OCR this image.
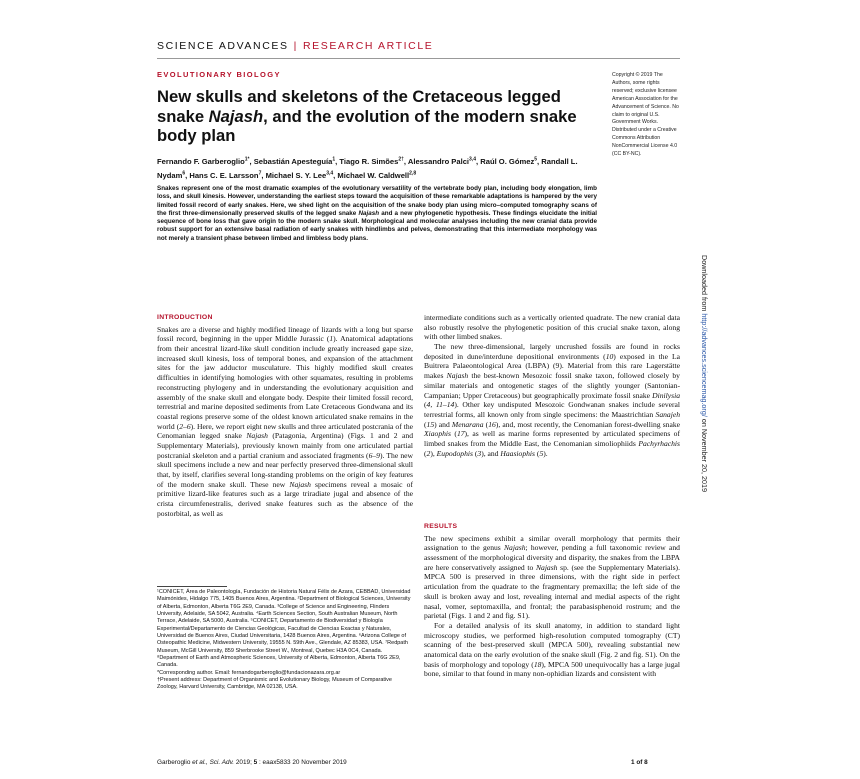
SCIENCE ADVANCES | RESEARCH ARTICLE
EVOLUTIONARY BIOLOGY
New skulls and skeletons of the Cretaceous legged snake Najash, and the evolution of the modern snake body plan
Fernando F. Garberoglio$^{1*}$, Sebastián Apesteguía$^1$, Tiago R. Simões$^{2\dagger}$, Alessandro Palci$^{3,4}$, Raúl O. Gómez$^5$, Randall L. Nydam$^6$, Hans C. E. Larsson$^7$, Michael S. Y. Lee$^{3,4}$, Michael W. Caldwell$^{2,8}$
Copyright © 2019 The Authors, some rights reserved; exclusive licensee American Association for the Advancement of Science. No claim to original U.S. Government Works. Distributed under a Creative Commons Attribution NonCommercial License 4.0 (CC BY-NC).
Snakes represent one of the most dramatic examples of the evolutionary versatility of the vertebrate body plan, including body elongation, limb loss, and skull kinesis. However, understanding the earliest steps toward the acquisition of these remarkable adaptations is hampered by the very limited fossil record of early snakes. Here, we shed light on the acquisition of the snake body plan using micro–computed tomography scans of the first three-dimensionally preserved skulls of the legged snake Najash and a new phylogenetic hypothesis. These findings elucidate the initial sequence of bone loss that gave origin to the modern snake skull. Morphological and molecular analyses including the new cranial data provide robust support for an extensive basal radiation of early snakes with hindlimbs and pelves, demonstrating that this intermediate morphology was not merely a transient phase between limbed and limbless body plans.
INTRODUCTION

Snakes are a diverse and highly modified lineage of lizards with a long but sparse fossil record, beginning in the upper Middle Jurassic (1). Anatomical adaptations from their ancestral lizard-like skull condition include greatly increased gape size, increased skull kinesis, loss of temporal bones, and expansion of the attachment sites for the jaw adductor musculature. This highly modified skull creates difficulties in identifying homologies with other squamates, resulting in problems reconstructing phylogeny and in understanding the evolutionary acquisition and assembly of the snake skull and elongate body. Despite their limited fossil record, terrestrial and marine deposited sediments from Late Cretaceous Gondwana and its coastal regions preserve some of the oldest known articulated snake remains in the world (2–6). Here, we report eight new skulls and three articulated postcrania of the Cenomanian legged snake Najash (Patagonia, Argentina) (Figs. 1 and 2 and Supplementary Materials), previously known mainly from one articulated partial postcranial skeleton and a partial cranium and associated fragments (6–9). The new skull specimens include a new and near perfectly preserved three-dimensional skull that, by itself, clarifies several long-standing problems on the origin of key features of the modern snake skull. These new Najash specimens reveal a mosaic of primitive lizard-like features such as a large triradiate jugal and absence of the crista circumfenestralis, derived snake features such as the absence of the postorbital, as well as

intermediate conditions such as a vertically oriented quadrate. The new cranial data also robustly resolve the phylogenetic position of this crucial snake taxon, along with other limbed snakes.

The new three-dimensional, largely uncrushed fossils are found in rocks deposited in dune/interdune depositional environments (10) exposed in the La Buitrera Palaeontological Area (LBPA) (9). Material from this rare Lagerstätte makes Najash the best-known Mesozoic fossil snake taxon, followed closely by similar materials and ontogenetic stages of the slightly younger (Santonian-Campanian; Upper Cretaceous) but geographically proximate fossil snake Dinilysia (4, 11–14). Other key undisputed Mesozoic Gondwanan snakes include several terrestrial forms, all known only from single specimens: the Maastrichtian Sanajeh (15) and Menarana (16), and, most recently, the Cenomanian forest-dwelling snake Xiaophis (17), as well as marine forms represented by articulated specimens of limbed snakes from the Middle East, the Cenomanian simoliophiids Pachyrhachis (2), Eupodophis (3), and Haasiophis (5).

RESULTS

The new specimens exhibit a similar overall morphology that permits their assignation to the genus Najash; however, pending a full taxonomic review and assessment of the morphological diversity and disparity, the snakes from the LBPA are here conservatively assigned to Najash sp. (see the Supplementary Materials). MPCA 500 is preserved in three dimensions, with the right side in perfect articulation from the quadrate to the fragmentary premaxilla; the left side of the skull is broken away and lost, revealing internal and medial aspects of the right nasal, vomer, septomaxilla, and frontal; the parabasisphenoid rostrum; and the parietal (Figs. 1 and 2 and fig. S1).

For a detailed analysis of its skull anatomy, in addition to standard light microscopy studies, we performed high-resolution computed tomography (CT) scanning of the best-preserved skull (MPCA 500), revealing substantial new anatomical data on the early evolution of the snake skull (Fig. 2 and fig. S1). On the basis of morphology and topology (18), MPCA 500 unequivocally has a large jugal bone, similar to that found in many non-ophidian lizards and consistent with

¹CONICET, Área de Paleontología, Fundación de Historia Natural Félix de Azara, CEBBAD, Universidad Maimónides, Hidalgo 775, 1405 Buenos Aires, Argentina. ²Department of Biological Sciences, University of Alberta, Edmonton, Alberta T6G 2E9, Canada. ³College of Science and Engineering, Flinders University, Adelaide, SA 5042, Australia. ⁴Earth Sciences Section, South Australian Museum, North Terrace, Adelaide, SA 5000, Australia. ⁵CONICET, Departamento de Biodiversidad y Biología Experimental/Departamento de Ciencias Geológicas, Facultad de Ciencias Exactas y Naturales, Universidad de Buenos Aires, Ciudad Universitaria, 1428 Buenos Aires, Argentina. ⁶Arizona College of Osteopathic Medicine, Midwestern University, 19555 N. 59th Ave., Glendale, AZ 85383, USA. ⁷Redpath Museum, McGill University, 859 Sherbrooke Street W., Montreal, Quebec H3A 0C4, Canada. ⁸Department of Earth and Atmospheric Sciences, University of Alberta, Edmonton, Alberta T6G 2E9, Canada.
*Corresponding author. Email: fernandogarberoglio@fundacionazara.org.ar
†Present address: Department of Organismic and Evolutionary Biology, Museum of Comparative Zoology, Harvard University, Cambridge, MA 02138, USA.
Garberoglio et al., Sci. Adv. 2019; 5 : eaax5833 20 November 2019	1 of 8
Downloaded from http://advances.sciencemag.org/ on November 20, 2019
